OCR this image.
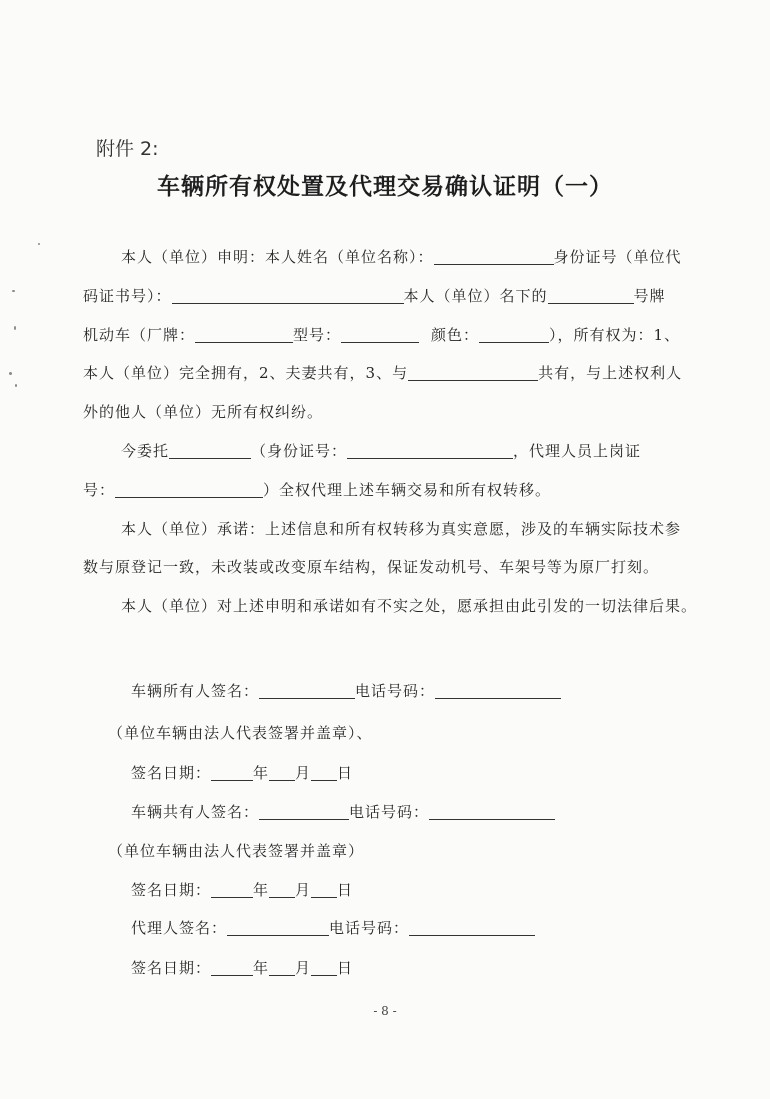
附件 2:
车辆所有权处置及代理交易确认证明（一）

本人（单位）申明：本人姓名（单位名称）：	身份证号（单位代

码证书号）：	本人（单位）名下的	号牌

机动车（厂牌：	型号：	颜色：	），所有权为：1、

本人（单位）完全拥有，2、夫妻共有，3、与	共有，与上述权利人

外的他人（单位）无所有权纠纷。

今委托	（身份证号：	，代理人员上岗证

号：	）全权代理上述车辆交易和所有权转移。

本人（单位）承诺：上述信息和所有权转移为真实意愿，涉及的车辆实际技术参

数与原登记一致，未改装或改变原车结构，保证发动机号、车架号等为原厂打刻。

本人（单位）对上述申明和承诺如有不实之处，愿承担由此引发的一切法律后果。

车辆所有人签名：	电话号码：
（单位车辆由法人代表签署并盖章）、
签名日期：	年 月 日
车辆共有人签名：	电话号码：
（单位车辆由法人代表签署并盖章）
签名日期：	年 月 日
代理人签名：	电话号码：
签名日期：	年 月 日
- 8 -
